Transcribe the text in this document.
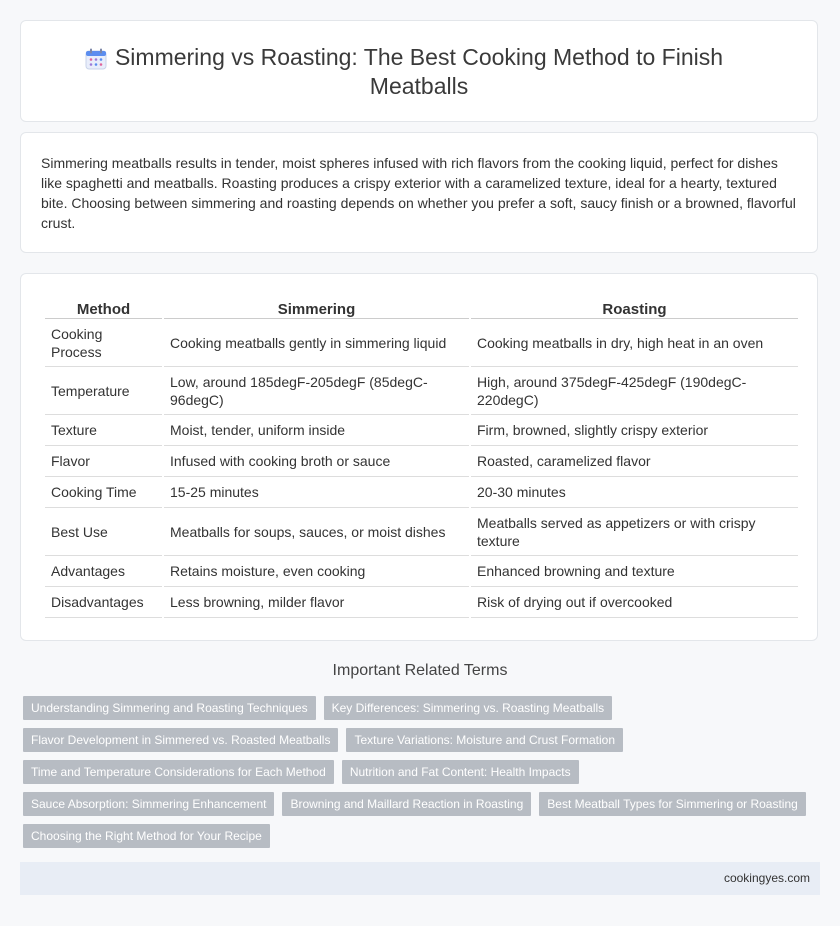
Simmering vs Roasting: The Best Cooking Method to Finish
Meatballs
Simmering meatballs results in tender, moist spheres infused with rich flavors from the cooking liquid, perfect for dishes like spaghetti and meatballs. Roasting produces a crispy exterior with a caramelized texture, ideal for a hearty, textured bite. Choosing between simmering and roasting depends on whether you prefer a soft, saucy finish or a browned, flavorful crust.
Method	Simmering	Roasting
Cooking Process	Cooking meatballs gently in simmering liquid	Cooking meatballs in dry, high heat in an oven
Temperature	Low, around 185degF-205degF (85degC-96degC)	High, around 375degF-425degF (190degC-220degC)
Texture	Moist, tender, uniform inside	Firm, browned, slightly crispy exterior
Flavor	Infused with cooking broth or sauce	Roasted, caramelized flavor
Cooking Time	15-25 minutes	20-30 minutes
Best Use	Meatballs for soups, sauces, or moist dishes	Meatballs served as appetizers or with crispy texture
Advantages	Retains moisture, even cooking	Enhanced browning and texture
Disadvantages	Less browning, milder flavor	Risk of drying out if overcooked
Important Related Terms
Understanding Simmering and Roasting Techniques	Key Differences: Simmering vs. Roasting Meatballs
Flavor Development in Simmered vs. Roasted Meatballs	Texture Variations: Moisture and Crust Formation
Time and Temperature Considerations for Each Method	Nutrition and Fat Content: Health Impacts
Sauce Absorption: Simmering Enhancement	Browning and Maillard Reaction in Roasting	Best Meatball Types for Simmering or Roasting
Choosing the Right Method for Your Recipe
cookingyes.com
